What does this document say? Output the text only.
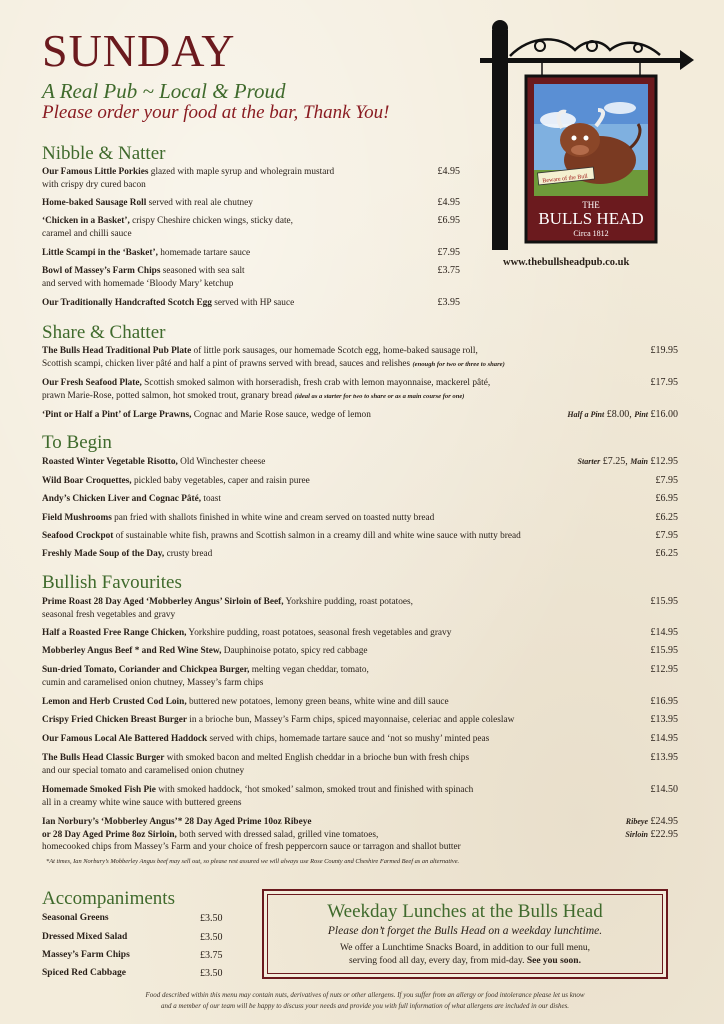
SUNDAY
A Real Pub ~ Local & Proud
Please order your food at the bar, Thank You!
Beware of the Bull
THE
BULLS HEAD
Circa 1812
www.thebullsheadpub.co.uk
Nibble & Natter
Our Famous Little Porkies glazed with maple syrup and wholegrain mustard
with crispy dry cured bacon
£4.95
Home-baked Sausage Roll served with real ale chutney	£4.95
‘Chicken in a Basket’, crispy Cheshire chicken wings, sticky date,
caramel and chilli sauce
£6.95
Little Scampi in the ‘Basket’, homemade tartare sauce	£7.95
Bowl of Massey’s Farm Chips seasoned with sea salt
and served with homemade ‘Bloody Mary’ ketchup
£3.75
Our Traditionally Handcrafted Scotch Egg served with HP sauce	£3.95
Share & Chatter
The Bulls Head Traditional Pub Plate of little pork sausages, our homemade Scotch egg, home-baked sausage roll,
Scottish scampi, chicken liver pâté and half a pint of prawns served with bread, sauces and relishes (enough for two or three to share)
£19.95
Our Fresh Seafood Plate, Scottish smoked salmon with horseradish, fresh crab with lemon mayonnaise, mackerel pâté,
prawn Marie-Rose, potted salmon, hot smoked trout, granary bread (ideal as a starter for two to share or as a main course for one)
£17.95
‘Pint or Half a Pint’ of Large Prawns, Cognac and Marie Rose sauce, wedge of lemon	Half a Pint £8.00, Pint £16.00
To Begin
Roasted Winter Vegetable Risotto, Old Winchester cheese	Starter £7.25, Main £12.95
Wild Boar Croquettes, pickled baby vegetables, caper and raisin puree	£7.95
Andy’s Chicken Liver and Cognac Pâté, toast	£6.95
Field Mushrooms pan fried with shallots finished in white wine and cream served on toasted nutty bread	£6.25
Seafood Crockpot of sustainable white fish, prawns and Scottish salmon in a creamy dill and white wine sauce with nutty bread	£7.95
Freshly Made Soup of the Day, crusty bread	£6.25
Bullish Favourites
Prime Roast 28 Day Aged ‘Mobberley Angus’ Sirloin of Beef, Yorkshire pudding, roast potatoes,
seasonal fresh vegetables and gravy
£15.95
Half a Roasted Free Range Chicken, Yorkshire pudding, roast potatoes, seasonal fresh vegetables and gravy	£14.95
Mobberley Angus Beef * and Red Wine Stew, Dauphinoise potato, spicy red cabbage	£15.95
Sun-dried Tomato, Coriander and Chickpea Burger, melting vegan cheddar, tomato,
cumin and caramelised onion chutney, Massey’s farm chips
£12.95
Lemon and Herb Crusted Cod Loin, buttered new potatoes, lemony green beans, white wine and dill sauce	£16.95
Crispy Fried Chicken Breast Burger in a brioche bun, Massey’s Farm chips, spiced mayonnaise, celeriac and apple coleslaw	£13.95
Our Famous Local Ale Battered Haddock served with chips, homemade tartare sauce and ‘not so mushy’ minted peas	£14.95
The Bulls Head Classic Burger with smoked bacon and melted English cheddar in a brioche bun with fresh chips
and our special tomato and caramelised onion chutney
£13.95
Homemade Smoked Fish Pie with smoked haddock, ‘hot smoked’ salmon, smoked trout and finished with spinach
all in a creamy white wine sauce with buttered greens
£14.50
Ian Norbury’s ‘Mobberley Angus’* 28 Day Aged Prime 10oz Ribeye
or 28 Day Aged Prime 8oz Sirloin, both served with dressed salad, grilled vine tomatoes,
homecooked chips from Massey’s Farm and your choice of fresh peppercorn sauce or tarragon and shallot butter
Ribeye £24.95
Sirloin £22.95
*At times, Ian Norbury’s Mobberley Angus beef may sell out, so please rest assured we will always use Rose County and Cheshire Farmed Beef as an alternative.
Accompaniments
Seasonal Greens	£3.50
Dressed Mixed Salad	£3.50
Massey’s Farm Chips	£3.75
Spiced Red Cabbage	£3.50
Weekday Lunches at the Bulls Head
Please don’t forget the Bulls Head on a weekday lunchtime.
We offer a Lunchtime Snacks Board, in addition to our full menu,
serving food all day, every day, from mid-day. See you soon.
Food described within this menu may contain nuts, derivatives of nuts or other allergens. If you suffer from an allergy or food intolerance please let us know
and a member of our team will be happy to discuss your needs and provide you with full information of what allergens are included in our dishes.
